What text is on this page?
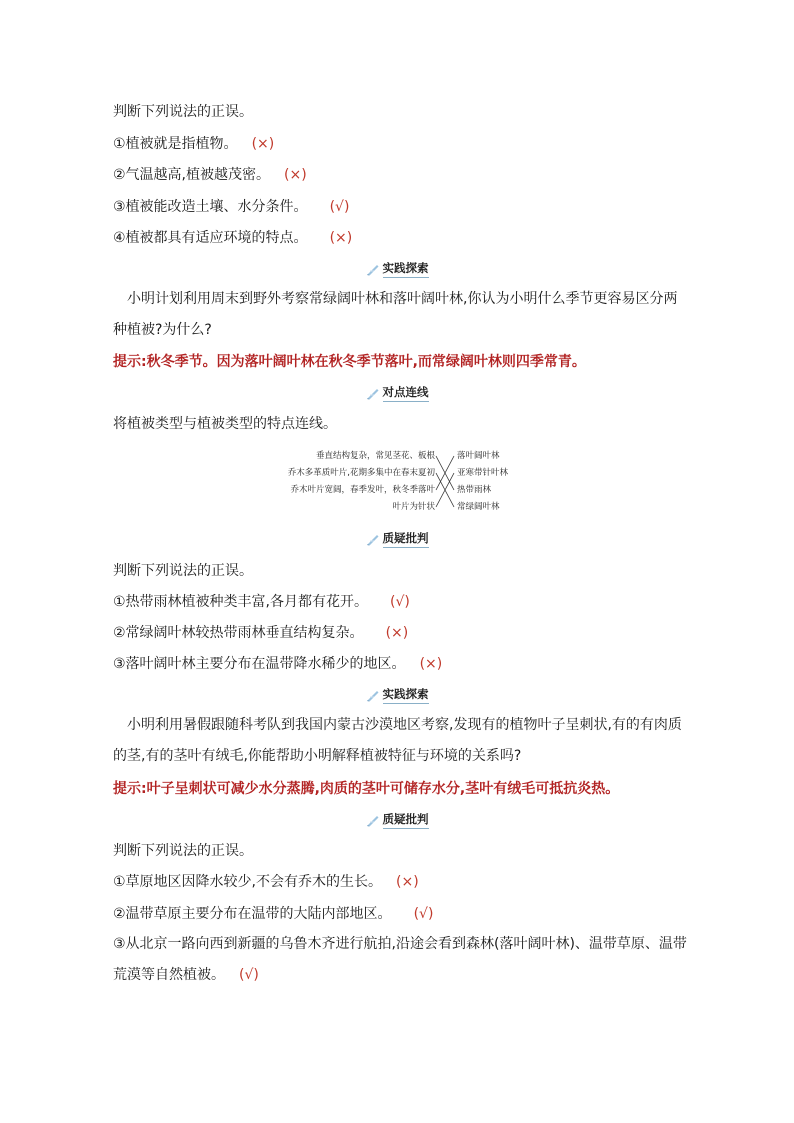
判断下列说法的正误。
①植被就是指植物。 (×)
②气温越高,植被越茂密。 (×)
③植被能改造土壤、水分条件。 (√)
④植被都具有适应环境的特点。 (×)
实践探索
小明计划利用周末到野外考察常绿阔叶林和落叶阔叶林,你认为小明什么季节更容易区分两种植被?为什么?
提示:秋冬季节。因为落叶阔叶林在秋冬季节落叶,而常绿阔叶林则四季常青。
对点连线
将植被类型与植被类型的特点连线。
垂直结构复杂，常见茎花、板根
乔木多革质叶片,花期多集中在春末夏初
乔木叶片宽阔，春季发叶，秋冬季落叶
叶片为针状
落叶阔叶林
亚寒带针叶林
热带雨林
常绿阔叶林
质疑批判
判断下列说法的正误。
①热带雨林植被种类丰富,各月都有花开。 (√)
②常绿阔叶林较热带雨林垂直结构复杂。 (×)
③落叶阔叶林主要分布在温带降水稀少的地区。 (×)
实践探索
小明利用暑假跟随科考队到我国内蒙古沙漠地区考察,发现有的植物叶子呈刺状,有的有肉质的茎,有的茎叶有绒毛,你能帮助小明解释植被特征与环境的关系吗?
提示:叶子呈刺状可减少水分蒸腾,肉质的茎叶可储存水分,茎叶有绒毛可抵抗炎热。
质疑批判
判断下列说法的正误。
①草原地区因降水较少,不会有乔木的生长。 (×)
②温带草原主要分布在温带的大陆内部地区。 (√)
③从北京一路向西到新疆的乌鲁木齐进行航拍,沿途会看到森林(落叶阔叶林)、温带草原、温带荒漠等自然植被。 (√)
